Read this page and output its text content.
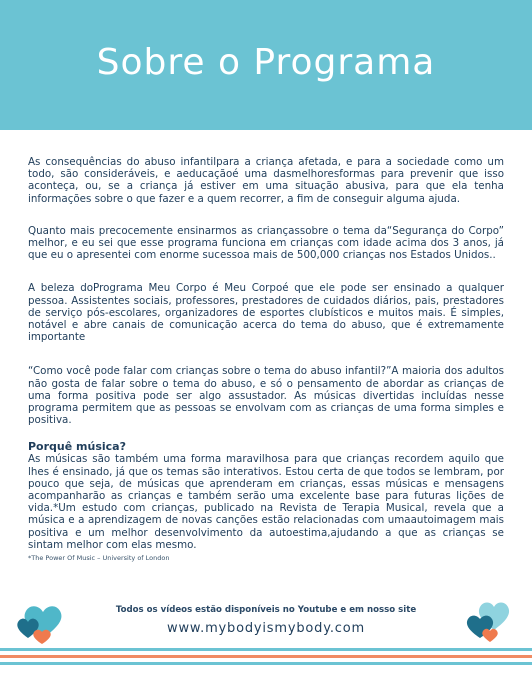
Sobre o Programa

As consequências do abuso infantilpara a criança afetada, e para a sociedade como um todo, são consideráveis, e aeducaçãoé uma dasmelhoresformas para prevenir que isso aconteça, ou, se a criança já estiver em uma situação abusiva, para que ela tenha informações sobre o que fazer e a quem recorrer, a fim de conseguir alguma ajuda.

Quanto mais precocemente ensinarmos as criançassobre o tema da“Segurança do Corpo” melhor, e eu sei que esse programa funciona em crianças com idade acima dos 3 anos, já que eu o apresentei com enorme sucessoa mais de 500,000 crianças nos Estados Unidos..

A beleza doPrograma Meu Corpo é Meu Corpoé que ele pode ser ensinado a qualquer pessoa. Assistentes sociais, professores, prestadores de cuidados diários, pais, prestadores de serviço pós-escolares, organizadores de esportes clubísticos e muitos mais. É simples, notável e abre canais de comunicação acerca do tema do abuso, que é extremamente importante

“Como você pode falar com crianças sobre o tema do abuso infantil?”A maioria dos adultos não gosta de falar sobre o tema do abuso, e só o pensamento de abordar as crianças de uma forma positiva pode ser algo assustador. As músicas divertidas incluídas nesse programa permitem que as pessoas se envolvam com as crianças de uma forma simples e positiva.

Porquê música?

As músicas são também uma forma maravilhosa para que crianças recordem aquilo que lhes é ensinado, já que os temas são interativos. Estou certa de que todos se lembram, por pouco que seja, de músicas que aprenderam em crianças, essas músicas e mensagens acompanharão as crianças e também serão uma excelente base para futuras lições de vida.*Um estudo com crianças, publicado na Revista de Terapia Musical, revela que a música e a aprendizagem de novas canções estão relacionadas com umaautoimagem mais positiva e um melhor desenvolvimento da autoestima,ajudando a que as crianças se sintam melhor com elas mesmo.

*The Power Of Music – University of London

Todos os vídeos estão disponíveis no Youtube e em nosso site
www.mybodyismybody.com
